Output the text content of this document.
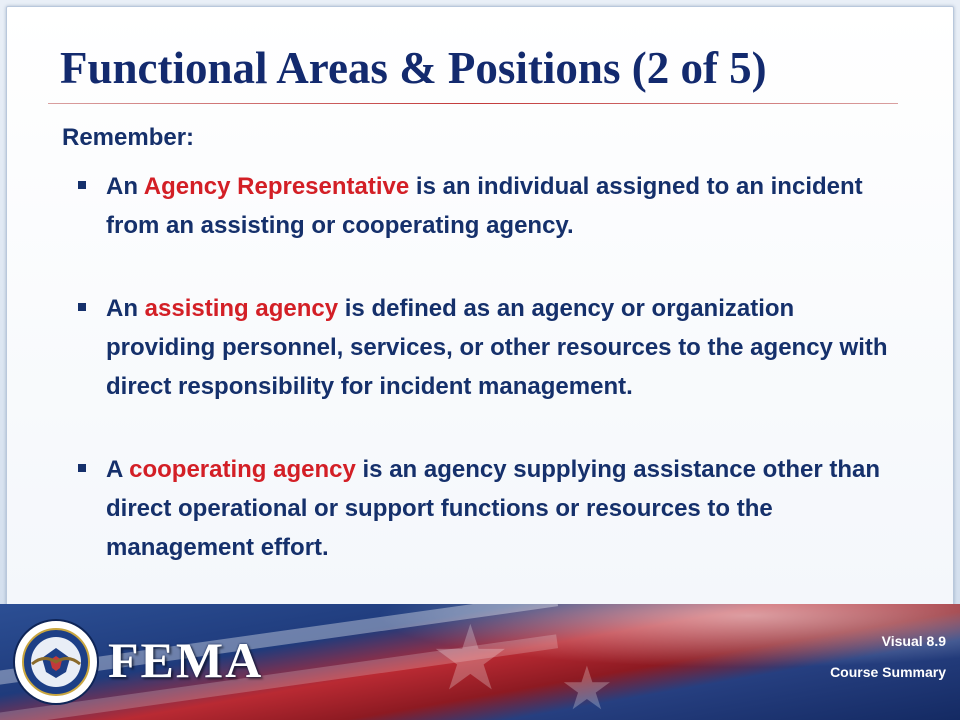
Functional Areas & Positions (2 of 5)
Remember:
An Agency Representative is an individual assigned to an incident from an assisting or cooperating agency.
An assisting agency is defined as an agency or organization providing personnel, services, or other resources to the agency with direct responsibility for incident management.
A cooperating agency is an agency supplying assistance other than direct operational or support functions or resources to the management effort.
★ ★
FEMA	Visual 8.9
Course Summary
